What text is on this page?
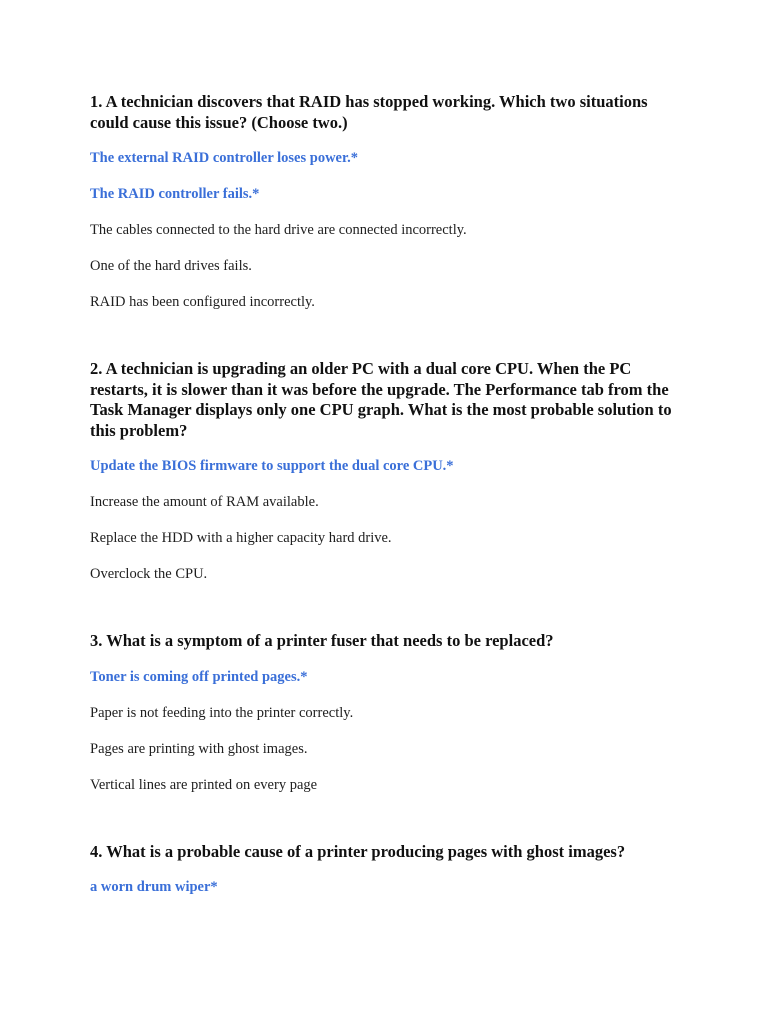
1. A technician discovers that RAID has stopped working. Which two situations could cause this issue? (Choose two.)

The external RAID controller loses power.*
The RAID controller fails.*
The cables connected to the hard drive are connected incorrectly.
One of the hard drives fails.
RAID has been configured incorrectly.

2. A technician is upgrading an older PC with a dual core CPU. When the PC restarts, it is slower than it was before the upgrade. The Performance tab from the Task Manager displays only one CPU graph. What is the most probable solution to this problem?

Update the BIOS firmware to support the dual core CPU.*
Increase the amount of RAM available.
Replace the HDD with a higher capacity hard drive.
Overclock the CPU.

3. What is a symptom of a printer fuser that needs to be replaced?

Toner is coming off printed pages.*
Paper is not feeding into the printer correctly.
Pages are printing with ghost images.
Vertical lines are printed on every page

4. What is a probable cause of a printer producing pages with ghost images?

a worn drum wiper*
